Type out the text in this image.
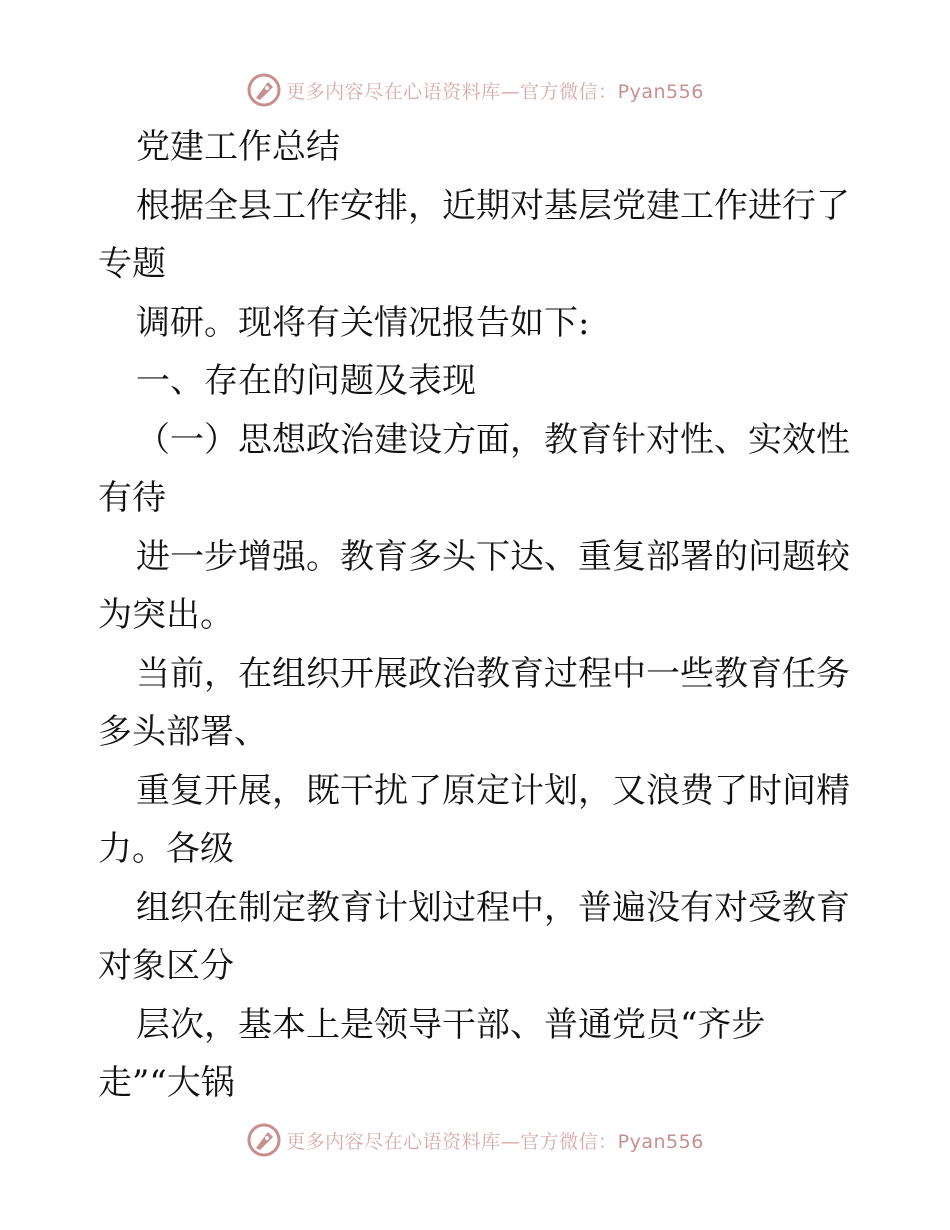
更多内容尽在心语资料库—官方微信：Pyan556
党建工作总结
根据全县工作安排，近期对基层党建工作进行了
专题
调研。现将有关情况报告如下:
一、存在的问题及表现
（一）思想政治建设方面，教育针对性、实效性
有待
进一步增强。教育多头下达、重复部署的问题较
为突出。
当前，在组织开展政治教育过程中一些教育任务
多头部署、
重复开展，既干扰了原定计划，又浪费了时间精
力。各级
组织在制定教育计划过程中，普遍没有对受教育
对象区分
层次，基本上是领导干部、普通党员“齐步
走”“大锅
更多内容尽在心语资料库—官方微信：Pyan556
